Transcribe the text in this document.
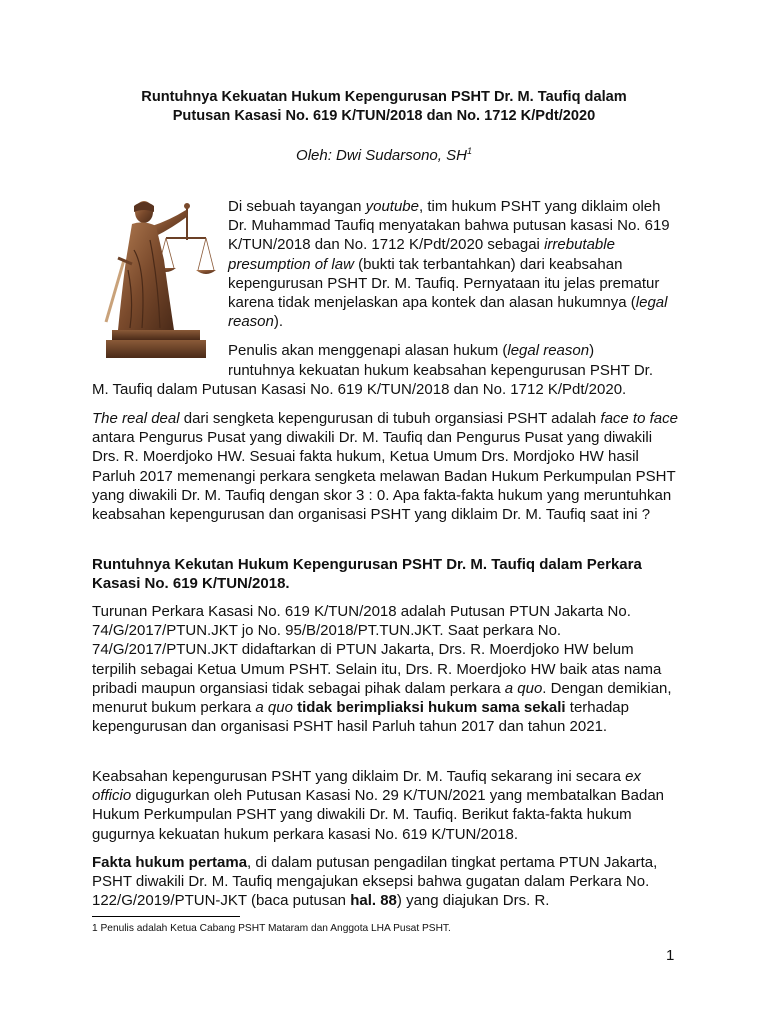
Runtuhnya Kekuatan Hukum Kepengurusan PSHT Dr. M. Taufiq dalam
Putusan Kasasi No. 619 K/TUN/2018 dan No. 1712 K/Pdt/2020
Oleh: Dwi Sudarsono, $SH^1$

Di sebuah tayangan youtube, tim hukum PSHT yang diklaim oleh Dr. Muhammad Taufiq menyatakan bahwa putusan kasasi No. 619 K/TUN/2018 dan No. 1712 K/Pdt/2020 sebagai irrebutable presumption of law (bukti tak terbantahkan) dari keabsahan kepengurusan PSHT Dr. M. Taufiq. Pernyataan itu jelas prematur karena tidak menjelaskan apa kontek dan alasan hukumnya (legal reason).

Penulis akan menggenapi alasan hukum (legal reason)
runtuhnya kekuatan hukum keabsahan kepengurusan PSHT Dr.
M. Taufiq dalam Putusan Kasasi No. 619 K/TUN/2018 dan No. 1712 K/Pdt/2020.

The real deal dari sengketa kepengurusan di tubuh organsiasi PSHT adalah face to face antara Pengurus Pusat yang diwakili Dr. M. Taufiq dan Pengurus Pusat yang diwakili Drs. R. Moerdjoko HW. Sesuai fakta hukum, Ketua Umum Drs. Mordjoko HW hasil Parluh 2017 memenangi perkara sengketa melawan Badan Hukum Perkumpulan PSHT yang diwakili Dr. M. Taufiq dengan skor 3 : 0. Apa fakta-fakta hukum yang meruntuhkan keabsahan kepengurusan dan organisasi PSHT yang diklaim Dr. M. Taufiq saat ini ?

Runtuhnya Kekutan Hukum Kepengurusan PSHT Dr. M. Taufiq dalam Perkara Kasasi No. 619 K/TUN/2018.

Turunan Perkara Kasasi No. 619 K/TUN/2018 adalah Putusan PTUN Jakarta No. 74/G/2017/PTUN.JKT jo No. 95/B/2018/PT.TUN.JKT. Saat perkara No. 74/G/2017/PTUN.JKT didaftarkan di PTUN Jakarta, Drs. R. Moerdjoko HW belum terpilih sebagai Ketua Umum PSHT. Selain itu, Drs. R. Moerdjoko HW baik atas nama pribadi maupun organsiasi tidak sebagai pihak dalam perkara a quo. Dengan demikian, menurut bukum perkara a quo tidak berimpliaksi hukum sama sekali terhadap kepengurusan dan organisasi PSHT hasil Parluh tahun 2017 dan tahun 2021.

Keabsahan kepengurusan PSHT yang diklaim Dr. M. Taufiq sekarang ini secara ex officio digugurkan oleh Putusan Kasasi No. 29 K/TUN/2021 yang membatalkan Badan Hukum Perkumpulan PSHT yang diwakili Dr. M. Taufiq. Berikut fakta-fakta hukum gugurnya kekuatan hukum perkara kasasi No. 619 K/TUN/2018.

Fakta hukum pertama, di dalam putusan pengadilan tingkat pertama PTUN Jakarta, PSHT diwakili Dr. M. Taufiq mengajukan eksepsi bahwa gugatan dalam Perkara No. 122/G/2019/PTUN-JKT (baca putusan hal. 88) yang diajukan Drs. R.

1 Penulis adalah Ketua Cabang PSHT Mataram dan Anggota LHA Pusat PSHT.
1
